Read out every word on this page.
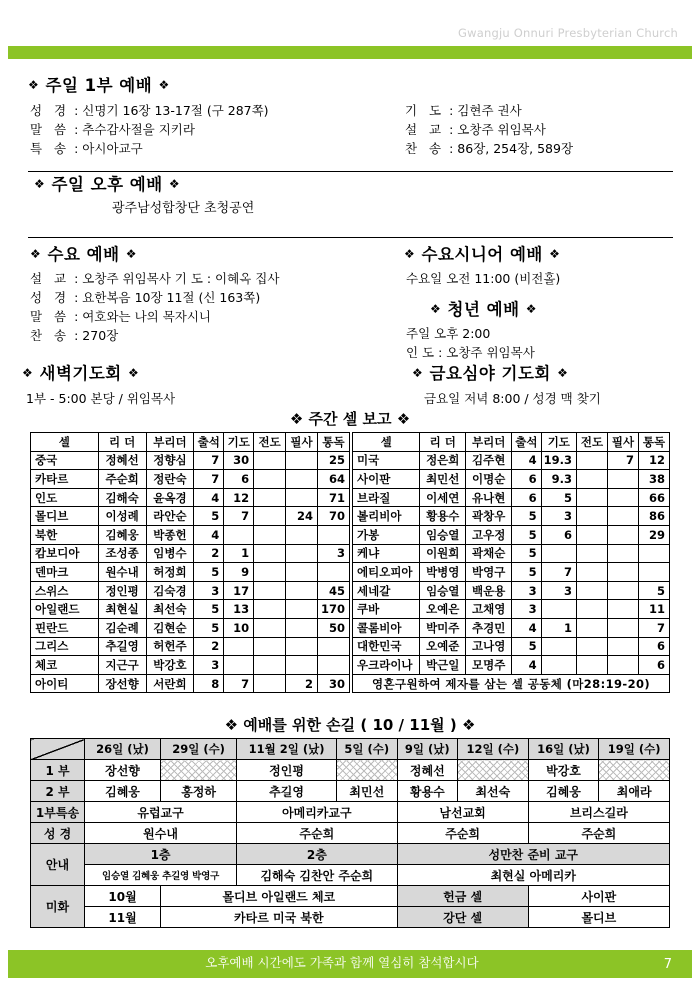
Gwangju Onnuri Presbyterian Church
❖ 주일 1부 예배 ❖
성 경 : 신명기 16장 13-17절 (구 287쪽)
말 씀 : 추수감사절을 지키라
특 송 : 아시아교구
기 도 : 김현주 권사
설 교 : 오창주 위임목사
찬 송 : 86장, 254장, 589장
❖ 주일 오후 예배 ❖
광주남성합창단 초청공연
❖ 수요 예배 ❖
설 교 : 오창주 위임목사 기 도 : 이혜옥 집사
성 경 : 요한복음 10장 11절 (신 163쪽)
말 씀 : 여호와는 나의 목자시니
찬 송 : 270장
❖ 수요시니어 예배 ❖
수요일 오전 11:00 (비전홀)
❖ 청년 예배 ❖
주일 오후 2:00
인 도 : 오창주 위임목사
❖ 새벽기도회 ❖
1부 - 5:00 본당 / 위임목사
❖ 금요심야 기도회 ❖
금요일 저녁 8:00 / 성경 맥 찾기
❖ 주간 셀 보고 ❖
셀	리 더	부리더	출석	기도	전도	필사	통독
중국	정혜선	정향심	7	30			25
카타르	주순희	정란숙	7	6			64
인도	김해숙	윤옥경	4	12			71
몰디브	이성례	라안순	5	7		24	70
북한	김혜웅	박종헌	4				
캄보디아	조성종	임병수	2	1			3
덴마크	원수내	허정희	5	9			
스위스	정인평	김숙경	3	17			45
아일랜드	최현실	최선숙	5	13			170
핀란드	김순례	김현순	5	10			50
그리스	추길영	허헌주	2				
체코	지근구	박강호	3				
아이티	장선향	서란희	8	7		2	30
셀	리 더	부리더	출석	기도	전도	필사	통독
미국	정은희	김주현	4	19.3		7	12
사이판	최민선	이명순	6	9.3			38
브라질	이세연	유나현	6	5			66
볼리비아	황용수	곽창우	5	3			86
가봉	임승열	고우정	5	6			29
케냐	이원희	곽채순	5				
에티오피아	박병영	박영구	5	7			
세네갈	임승열	백운용	3	3			5
쿠바	오예은	고채영	3				11
콜롬비아	박미주	추경민	4	1			7
대한민국	오예준	고나영	5				6
우크라이나	박근일	모명주	4				6
영혼구원하여 제자를 삼는 셀 공동체 (마28:19-20)							
❖ 예배를 위한 손길 ( 10 / 11월 ) ❖
	26일 (났)	29일 (수)	11월 2일 (났)	5일 (수)	9일 (났)	12일 (수)	16일 (났)	19일 (수)
1 부	장선향		정인평		정혜선		박강호	
2 부	김혜웅	홍정하	추길영	최민선	황용수	최선숙	김혜웅	최애라
1부특송	유럽교구		아메리카교구		남선교회		브리스길라	
성 경	원수내		주순희		주순희		주순희	
안내	1층		2층		성만찬 준비 교구			
	임승열 김혜웅 추길영 박영구		김해숙 김찬안 주순희		최현실 아메리카			
미화	10월	몰디브 아일랜드 체코			헌금 셀		사이판	
	11월	카타르 미국 북한			강단 셀		몰디브	
오후예배 시간에도 가족과 함께 열심히 참석합시다	7
